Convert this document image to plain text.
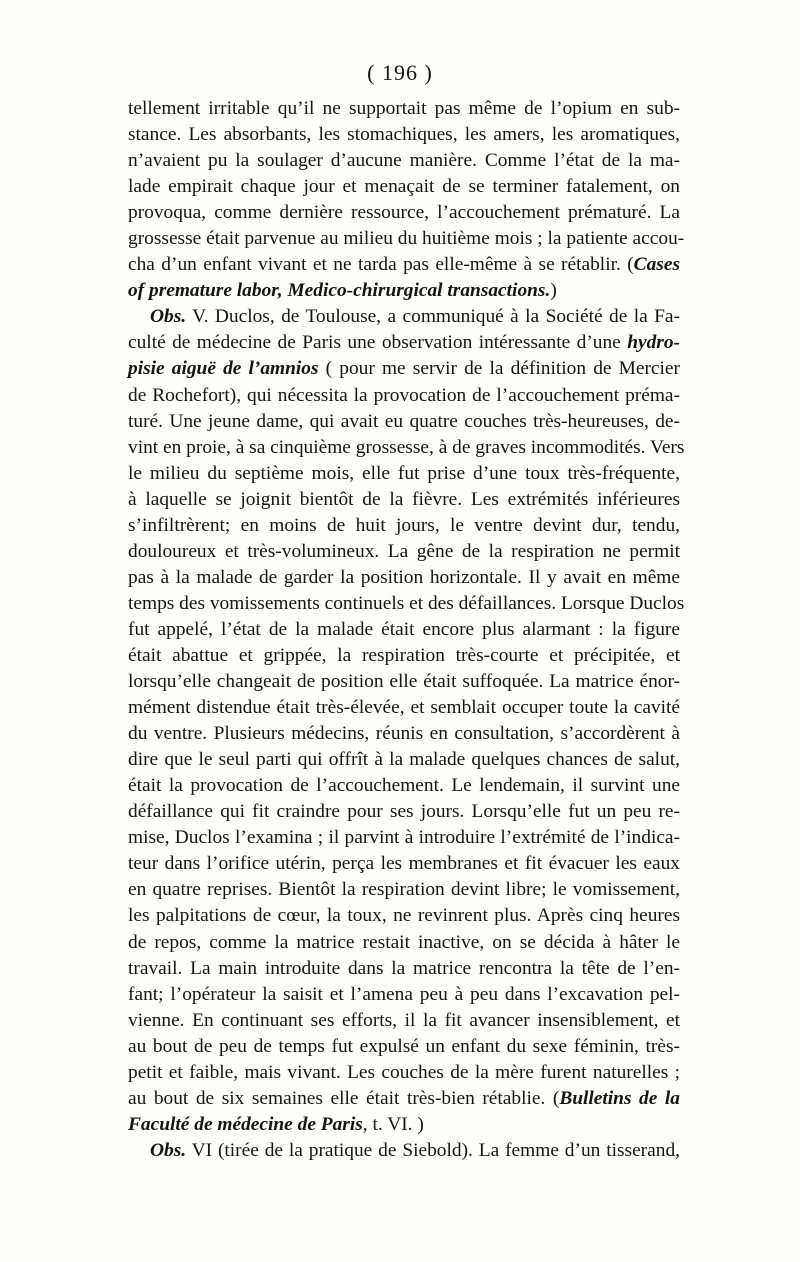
( 196 )
tellement irritable qu’il ne supportait pas même de l’opium en sub-
stance. Les absorbants, les stomachiques, les amers, les aromatiques,
n’avaient pu la soulager d’aucune manière. Comme l’état de la ma-
lade empirait chaque jour et menaçait de se terminer fatalement, on
provoqua, comme dernière ressource, l’accouchement prématuré. La
grossesse était parvenue au milieu du huitième mois ; la patiente accou-
cha d’un enfant vivant et ne tarda pas elle-même à se rétablir. (Cases
of premature labor, Medico-chirurgical transactions.)
Obs. V. Duclos, de Toulouse, a communiqué à la Société de la Fa-
culté de médecine de Paris une observation intéressante d’une hydro-
pisie aiguë de l’amnios ( pour me servir de la définition de Mercier
de Rochefort), qui nécessita la provocation de l’accouchement préma-
turé. Une jeune dame, qui avait eu quatre couches très-heureuses, de-
vint en proie, à sa cinquième grossesse, à de graves incommodités. Vers
le milieu du septième mois, elle fut prise d’une toux très-fréquente,
à laquelle se joignit bientôt de la fièvre. Les extrémités inférieures
s’infiltrèrent; en moins de huit jours, le ventre devint dur, tendu,
douloureux et très-volumineux. La gêne de la respiration ne permit
pas à la malade de garder la position horizontale. Il y avait en même
temps des vomissements continuels et des défaillances. Lorsque Duclos
fut appelé, l’état de la malade était encore plus alarmant : la figure
était abattue et grippée, la respiration très-courte et précipitée, et
lorsqu’elle changeait de position elle était suffoquée. La matrice énor-
mément distendue était très-élevée, et semblait occuper toute la cavité
du ventre. Plusieurs médecins, réunis en consultation, s’accordèrent à
dire que le seul parti qui offrît à la malade quelques chances de salut,
était la provocation de l’accouchement. Le lendemain, il survint une
défaillance qui fit craindre pour ses jours. Lorsqu’elle fut un peu re-
mise, Duclos l’examina ; il parvint à introduire l’extrémité de l’indica-
teur dans l’orifice utérin, perça les membranes et fit évacuer les eaux
en quatre reprises. Bientôt la respiration devint libre; le vomissement,
les palpitations de cœur, la toux, ne revinrent plus. Après cinq heures
de repos, comme la matrice restait inactive, on se décida à hâter le
travail. La main introduite dans la matrice rencontra la tête de l’en-
fant; l’opérateur la saisit et l’amena peu à peu dans l’excavation pel-
vienne. En continuant ses efforts, il la fit avancer insensiblement, et
au bout de peu de temps fut expulsé un enfant du sexe féminin, très-
petit et faible, mais vivant. Les couches de la mère furent naturelles ;
au bout de six semaines elle était très-bien rétablie. (Bulletins de la
Faculté de médecine de Paris, t. VI. )
Obs. VI (tirée de la pratique de Siebold). La femme d’un tisserand,
